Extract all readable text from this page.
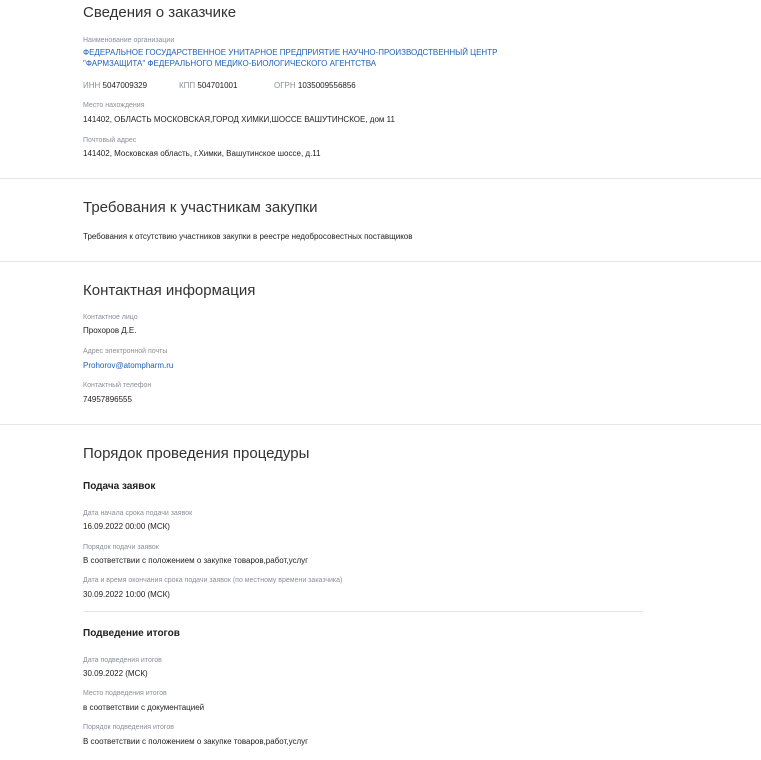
Сведения о заказчике
Наименование организации
ФЕДЕРАЛЬНОЕ ГОСУДАРСТВЕННОЕ УНИТАРНОЕ ПРЕДПРИЯТИЕ НАУЧНО-ПРОИЗВОДСТВЕННЫЙ ЦЕНТР
"ФАРМЗАЩИТА" ФЕДЕРАЛЬНОГО МЕДИКО-БИОЛОГИЧЕСКОГО АГЕНТСТВА
ИНН 5047009329	КПП 504701001	ОГРН 1035009556856
Место нахождения
141402, ОБЛАСТЬ МОСКОВСКАЯ,ГОРОД ХИМКИ,ШОССЕ ВАШУТИНСКОЕ, дом 11
Почтовый адрес
141402, Московская область, г.Химки, Вашутинское шоссе, д.11
Требования к участникам закупки
Требования к отсутствию участников закупки в реестре недобросовестных поставщиков
Контактная информация
Контактное лицо
Прохоров Д.Е.
Адрес электронной почты
Prohorov@atompharm.ru
Контактный телефон
74957896555
Порядок проведения процедуры
Подача заявок
Дата начала срока подачи заявок
16.09.2022 00:00 (МСК)
Порядок подачи заявок
В соответствии с положением о закупке товаров,работ,услуг
Дата и время окончания срока подачи заявок (по местному времени заказчика)
30.09.2022 10:00 (МСК)
Подведение итогов
Дата подведения итогов
30.09.2022 (МСК)
Место подведения итогов
в соответствии с документацией
Порядок подведения итогов
В соответствии с положением о закупке товаров,работ,услуг
